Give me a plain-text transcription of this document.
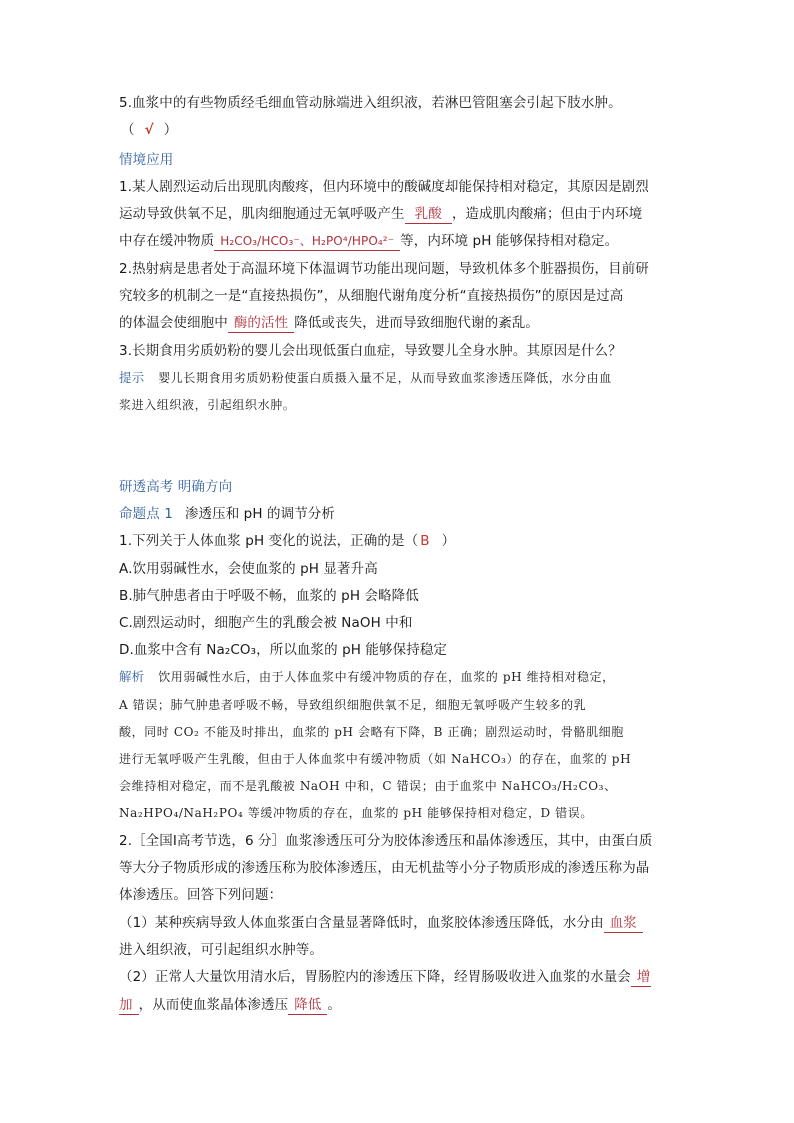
5.血浆中的有些物质经毛细血管动脉端进入组织液，若淋巴管阻塞会引起下肢水肿。
（ √ ）
情境应用
1.某人剧烈运动后出现肌肉酸疼，但内环境中的酸碱度却能保持相对稳定，其原因是剧烈
运动导致供氧不足，肌肉细胞通过无氧呼吸产生 乳酸 ，造成肌肉酸痛；但由于内环境
中存在缓冲物质 H₂CO₃/HCO₃⁻、H₂PO⁴/HPO₄²⁻ 等，内环境 pH 能够保持相对稳定。
2.热射病是患者处于高温环境下体温调节功能出现问题，导致机体多个脏器损伤，目前研
究较多的机制之一是“直接热损伤”，从细胞代谢角度分析“直接热损伤”的原因是过高
的体温会使细胞中 酶的活性 降低或丧失，进而导致细胞代谢的紊乱。
3.长期食用劣质奶粉的婴儿会出现低蛋白血症，导致婴儿全身水肿。其原因是什么？
提示 婴儿长期食用劣质奶粉使蛋白质摄入量不足，从而导致血浆渗透压降低，水分由血
浆进入组织液，引起组织水肿。
研透高考 明确方向
命题点 1 渗透压和 pH 的调节分析
1.下列关于人体血浆 pH 变化的说法，正确的是（ B ）
A.饮用弱碱性水，会使血浆的 pH 显著升高
B.肺气肿患者由于呼吸不畅，血浆的 pH 会略降低
C.剧烈运动时，细胞产生的乳酸会被 NaOH 中和
D.血浆中含有 Na₂CO₃，所以血浆的 pH 能够保持稳定
解析 饮用弱碱性水后，由于人体血浆中有缓冲物质的存在，血浆的 pH 维持相对稳定，
A 错误；肺气肿患者呼吸不畅，导致组织细胞供氧不足，细胞无氧呼吸产生较多的乳
酸，同时 CO₂ 不能及时排出，血浆的 pH 会略有下降，B 正确；剧烈运动时，骨骼肌细胞
进行无氧呼吸产生乳酸，但由于人体血浆中有缓冲物质（如 NaHCO₃）的存在，血浆的 pH
会维持相对稳定，而不是乳酸被 NaOH 中和，C 错误；由于血浆中 NaHCO₃/H₂CO₃、
Na₂HPO₄/NaH₂PO₄ 等缓冲物质的存在，血浆的 pH 能够保持相对稳定，D 错误。
2.［全国Ⅰ高考节选，6 分］血浆渗透压可分为胶体渗透压和晶体渗透压，其中，由蛋白质
等大分子物质形成的渗透压称为胶体渗透压，由无机盐等小分子物质形成的渗透压称为晶
体渗透压。回答下列问题：
（1）某种疾病导致人体血浆蛋白含量显著降低时，血浆胶体渗透压降低，水分由 血浆
进入组织液，可引起组织水肿等。
（2）正常人大量饮用清水后，胃肠腔内的渗透压下降，经胃肠吸收进入血浆的水量会 增
加 ，从而使血浆晶体渗透压 降低 。
